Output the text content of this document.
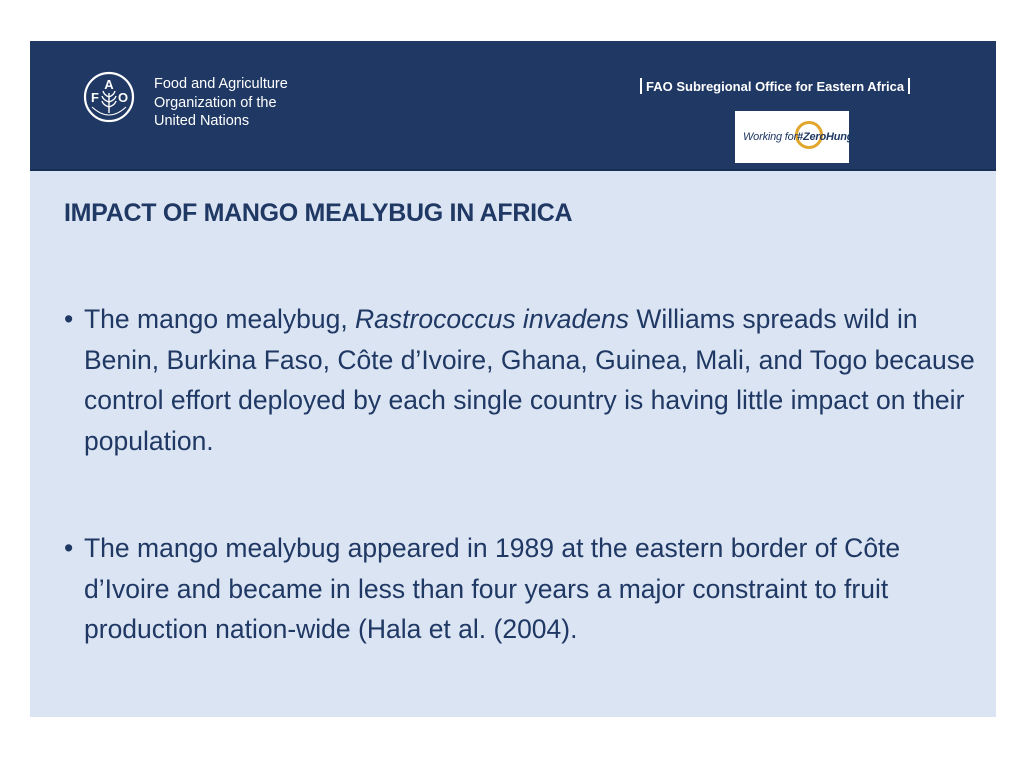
F
A
O
Food and Agriculture
Organization of the
United Nations
FAO Subregional Office for Eastern Africa
Working for#ZeroHunger
IMPACT OF MANGO MEALYBUG IN AFRICA
• The mango mealybug, Rastrococcus invadens Williams spreads wild in Benin, Burkina Faso, Côte d’Ivoire, Ghana, Guinea, Mali, and Togo because control effort deployed by each single country is having little impact on their population.
• The mango mealybug appeared in 1989 at the eastern border of Côte d’Ivoire and became in less than four years a major constraint to fruit production nation-wide (Hala et al. (2004).
